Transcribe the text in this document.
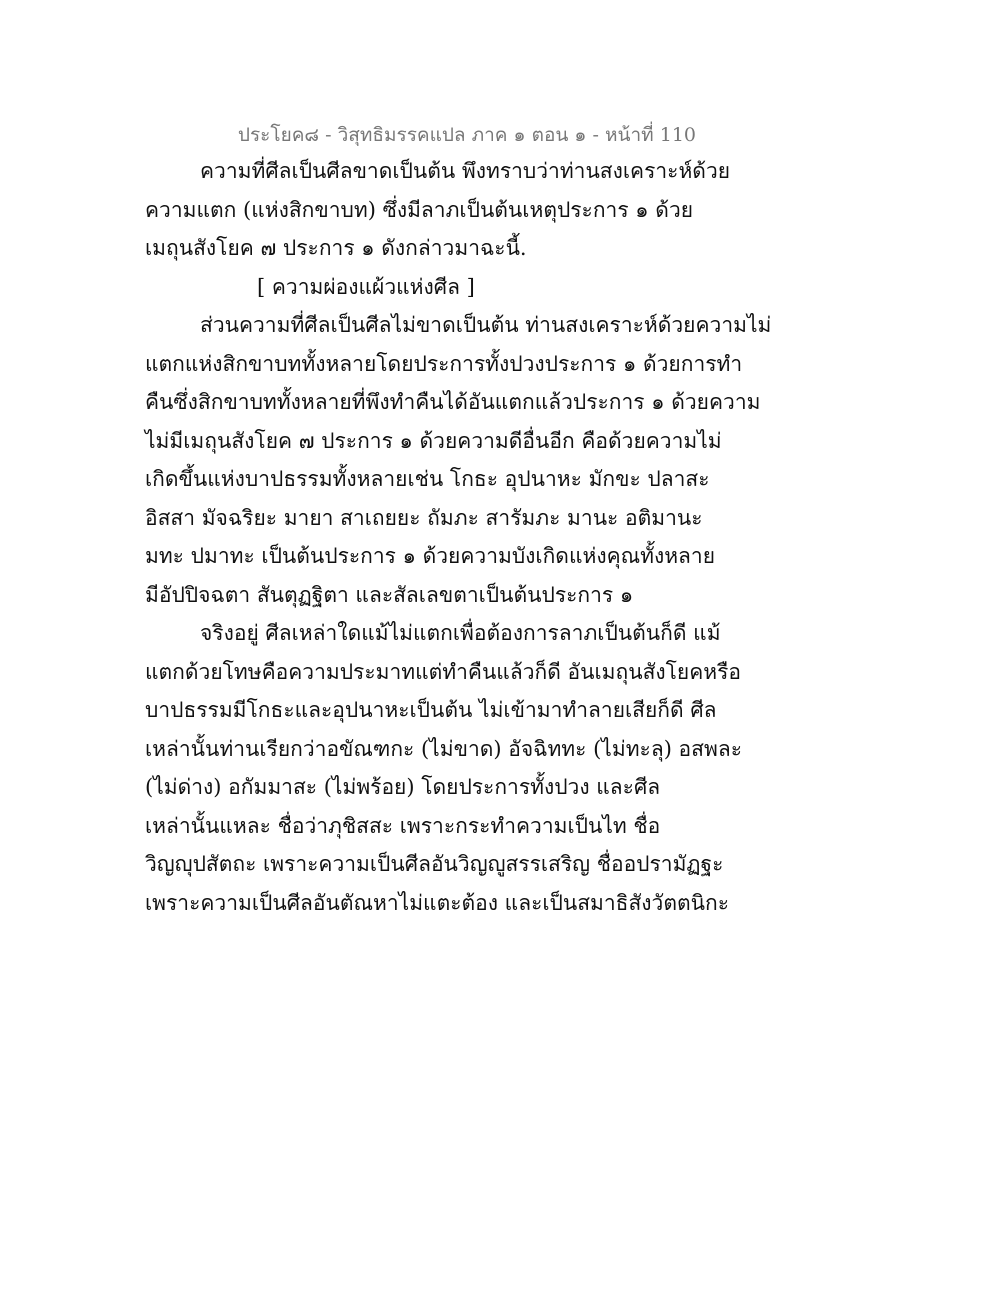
ประโยค๘ - วิสุทธิมรรคแปล ภาค ๑ ตอน ๑ - หน้าที่ 110
ความที่ศีลเป็นศีลขาดเป็นต้น พึงทราบว่าท่านสงเคราะห์ด้วย
ความแตก (แห่งสิกขาบท) ซึ่งมีลาภเป็นต้นเหตุประการ ๑ ด้วย
เมถุนสังโยค ๗ ประการ ๑ ดังกล่าวมาฉะนี้.
[ ความผ่องแผ้วแห่งศีล ]
ส่วนความที่ศีลเป็นศีลไม่ขาดเป็นต้น ท่านสงเคราะห์ด้วยความไม่
แตกแห่งสิกขาบททั้งหลายโดยประการทั้งปวงประการ ๑ ด้วยการทำ
คืนซึ่งสิกขาบททั้งหลายที่พึงทำคืนได้อันแตกแล้วประการ ๑ ด้วยความ
ไม่มีเมถุนสังโยค ๗ ประการ ๑ ด้วยความดีอื่นอีก คือด้วยความไม่
เกิดขึ้นแห่งบาปธรรมทั้งหลายเช่น โกธะ อุปนาหะ มักขะ ปลาสะ
อิสสา มัจฉริยะ มายา สาเถยยะ ถัมภะ สารัมภะ มานะ อติมานะ
มทะ ปมาทะ เป็นต้นประการ ๑ ด้วยความบังเกิดแห่งคุณทั้งหลาย
มีอัปปิจฉตา สันตุฏฐิตา และสัลเลขตาเป็นต้นประการ ๑
จริงอยู่ ศีลเหล่าใดแม้ไม่แตกเพื่อต้องการลาภเป็นต้นก็ดี แม้
แตกด้วยโทษคือความประมาทแต่ทำคืนแล้วก็ดี อันเมถุนสังโยคหรือ
บาปธรรมมีโกธะและอุปนาหะเป็นต้น ไม่เข้ามาทำลายเสียก็ดี ศีล
เหล่านั้นท่านเรียกว่าอขัณฑกะ (ไม่ขาด) อัจฉิททะ (ไม่ทะลุ) อสพละ
(ไม่ด่าง) อกัมมาสะ (ไม่พร้อย) โดยประการทั้งปวง และศีล
เหล่านั้นแหละ ชื่อว่าภุชิสสะ เพราะกระทำความเป็นไท ชื่อ
วิญญุปสัตถะ เพราะความเป็นศีลอันวิญญูสรรเสริญ ชื่ออปรามัฏฐะ
เพราะความเป็นศีลอันตัณหาไม่แตะต้อง และเป็นสมาธิสังวัตตนิกะ
